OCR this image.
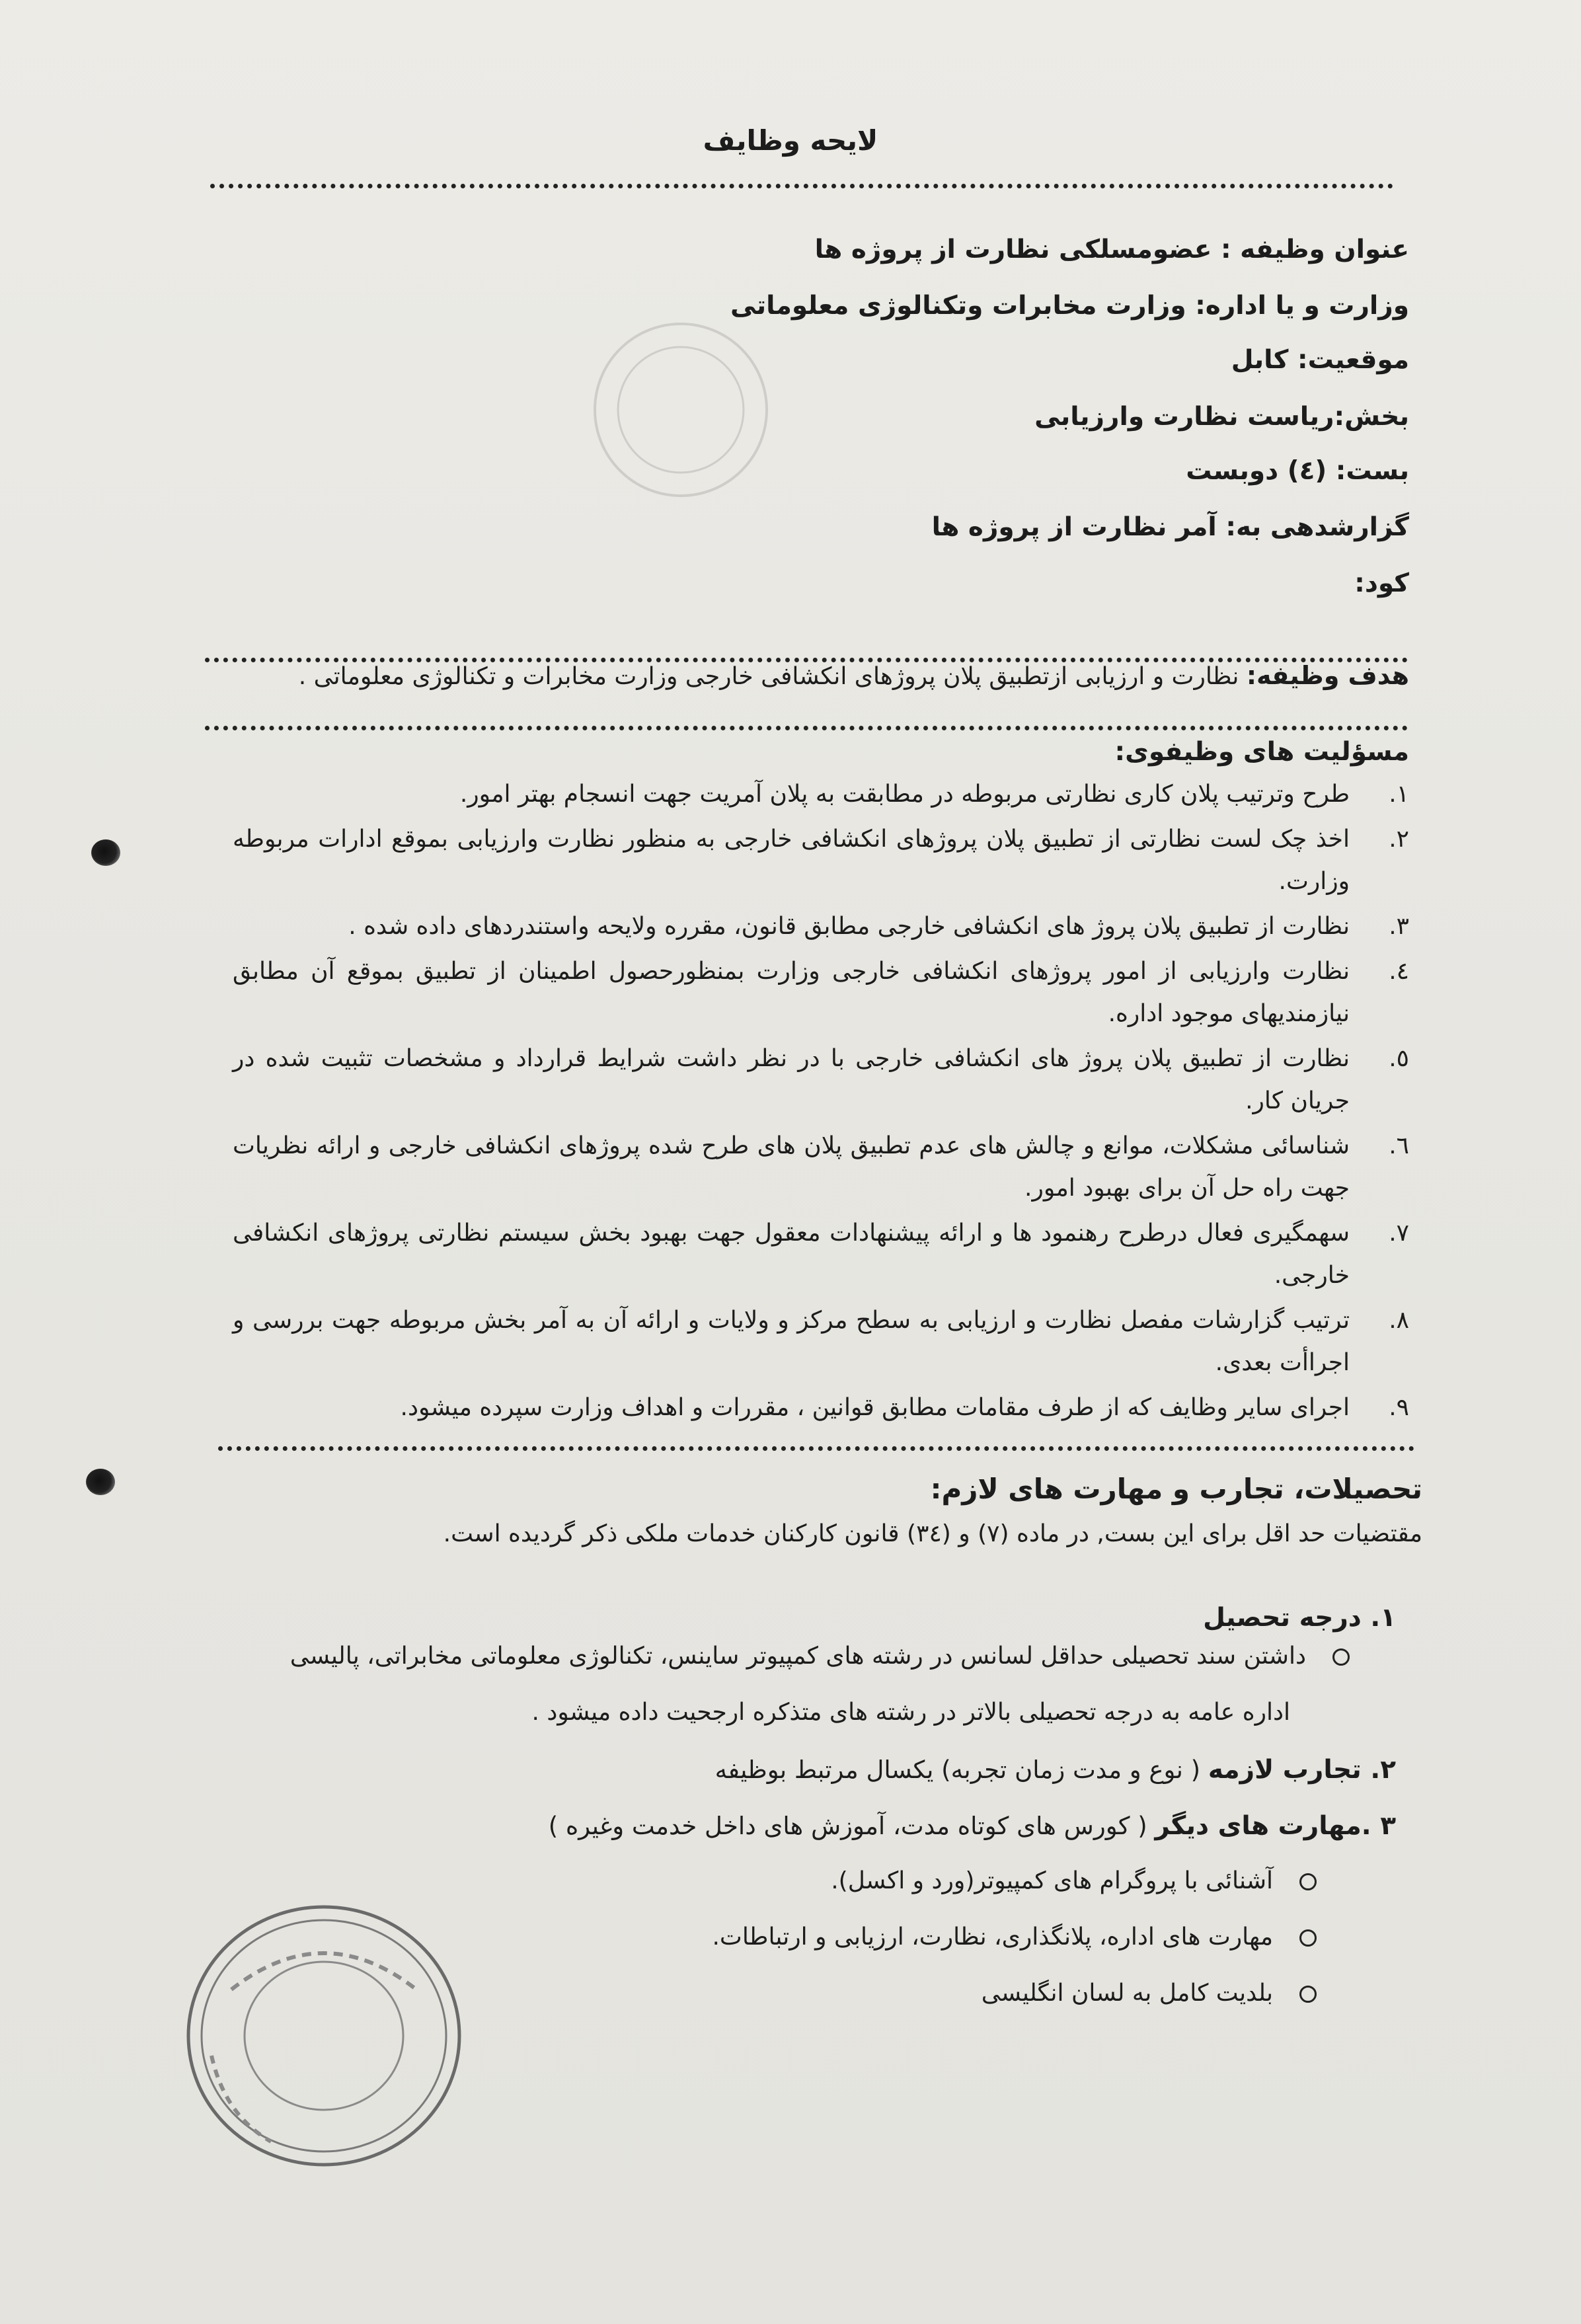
لایحه وظایف
عنوان وظیفه : عضومسلکی نظارت از پروژه ها
وزارت و یا اداره: وزارت مخابرات وتکنالوژی معلوماتی
موقعیت: کابل
بخش:ریاست نظارت وارزیابی
بست: (٤) دوبست
گزارشدهی به: آمر نظارت از پروژه ها
کود:
هدف وظیفه: نظارت و ارزیابی ازتطبیق پلان پروژهای انکشافی خارجی وزارت مخابرات و تکنالوژی معلوماتی .
مسؤلیت های وظیفوی:
۱.
طرح وترتیب پلان کاری نظارتی مربوطه در مطابقت به پلان آمریت جهت انسجام بهتر امور.
۲.
اخذ چک لست نظارتی از تطبیق پلان پروژهای انکشافی خارجی به منظور نظارت وارزیابی بموقع ادارات مربوطه وزارت.
۳.
نظارت از تطبیق پلان پروژ های انکشافی خارجی مطابق قانون، مقرره ولایحه واستندردهای داده شده .
٤.
نظارت وارزیابی از امور پروژهای انکشافی خارجی وزارت بمنظورحصول اطمینان از تطبیق بموقع آن مطابق نیازمندیهای موجود اداره.
٥.
نظارت از تطبیق پلان پروژ های انکشافی خارجی با در نظر داشت شرایط قرارداد و مشخصات تثبیت شده در جریان کار.
٦.
شناسائی مشکلات، موانع و چالش های عدم تطبیق پلان های طرح شده پروژهای انکشافی خارجی و ارائه نظریات جهت راه حل آن برای بهبود امور.
۷.
سهمگیری فعال درطرح رهنمود ها و ارائه پیشنهادات معقول جهت بهبود بخش سیستم نظارتی پروژهای انکشافی خارجی.
۸.
ترتیب گزارشات مفصل نظارت و ارزیابی به سطح مرکز و ولایات و ارائه آن به آمر بخش مربوطه جهت بررسی و اجراأت بعدی.
۹.
اجرای سایر وظایف که از طرف مقامات مطابق قوانین ، مقررات و اهداف وزارت سپرده میشود.
تحصیلات، تجارب و مهارت های لازم:
مقتضیات حد اقل برای این بست, در ماده (۷) و (٣٤) قانون کارکنان خدمات ملکی ذکر گردیده است.
۱. درجه تحصیل
داشتن سند تحصیلی حداقل لسانس در رشته های کمپیوتر ساینس، تکنالوژی معلوماتی مخابراتی، پالیسی
اداره عامه به درجه تحصیلی بالاتر در رشته های متذکره ارجحیت داده میشود .
۲. تجارب لازمه ( نوع و مدت زمان تجربه) یکسال مرتبط بوظیفه
۳ .مهارت های دیگر ( کورس های کوتاه مدت، آموزش های داخل خدمت وغیره )
آشنائی با پروگرام های کمپیوتر(ورد و اکسل).
مهارت های اداره، پلانگذاری، نظارت، ارزیابی و ارتباطات.
بلدیت کامل به لسان انگلیسی
